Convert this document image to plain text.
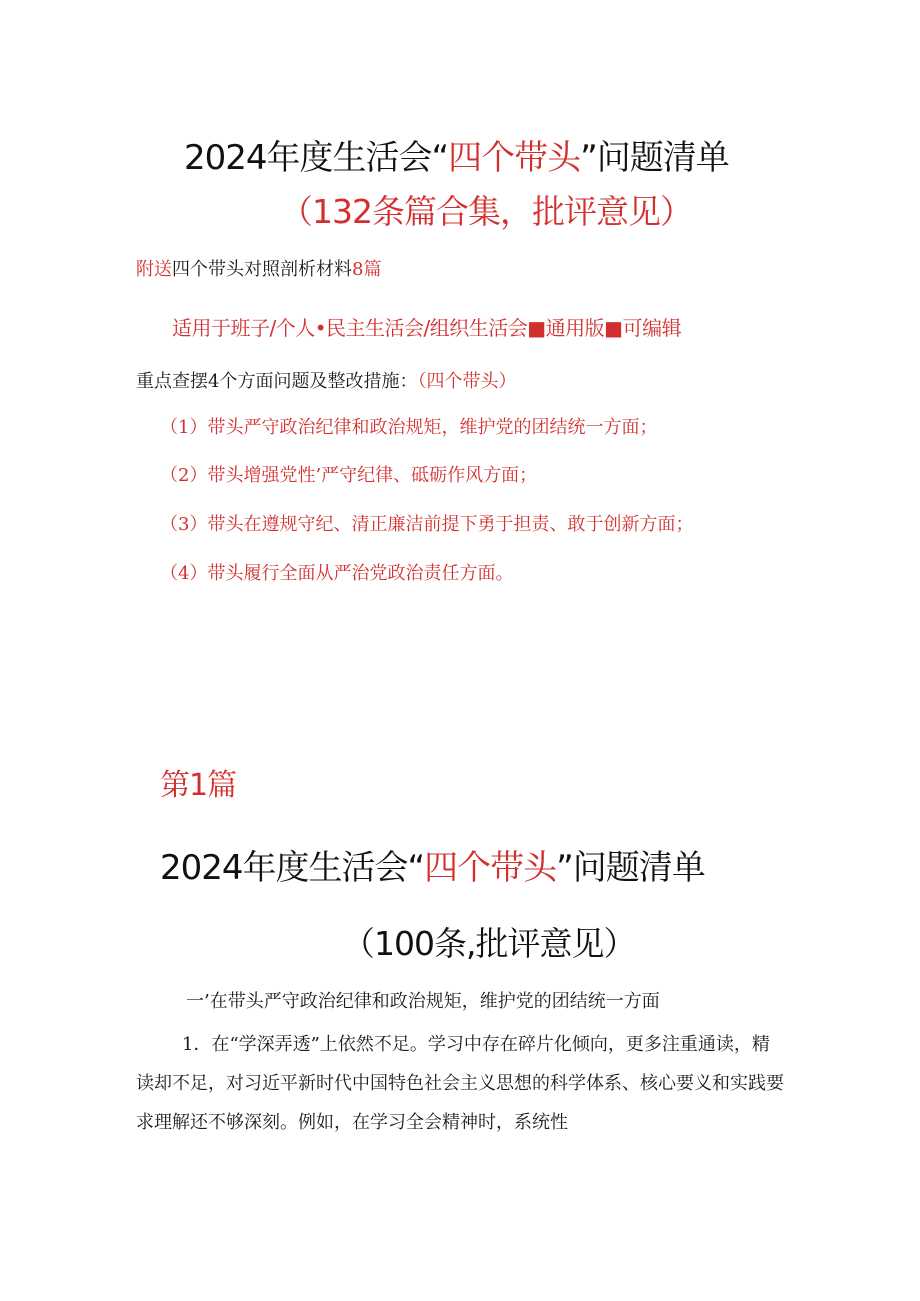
2024年度生活会“四个带头”问题清单
（132条篇合集，批评意见）
附送四个带头对照剖析材料8篇
适用于班子/个人•民主生活会/组织生活会■通用版■可编辑
重点查摆4个方面问题及整改措施：（四个带头）
（1）带头严守政治纪律和政治规矩，维护党的团结统一方面；
（2）带头增强党性’严守纪律、砥砺作风方面；
（3）带头在遵规守纪、清正廉洁前提下勇于担责、敢于创新方面；
（4）带头履行全面从严治党政治责任方面。
第1篇
2024年度生活会“四个带头”问题清单
（100条,批评意见）
一’在带头严守政治纪律和政治规矩，维护党的团结统一方面

1．在“学深弄透”上依然不足。学习中存在碎片化倾向，更多注重通读，精读却不足，对习近平新时代中国特色社会主义思想的科学体系、核心要义和实践要求理解还不够深刻。例如，在学习全会精神时，系统性
